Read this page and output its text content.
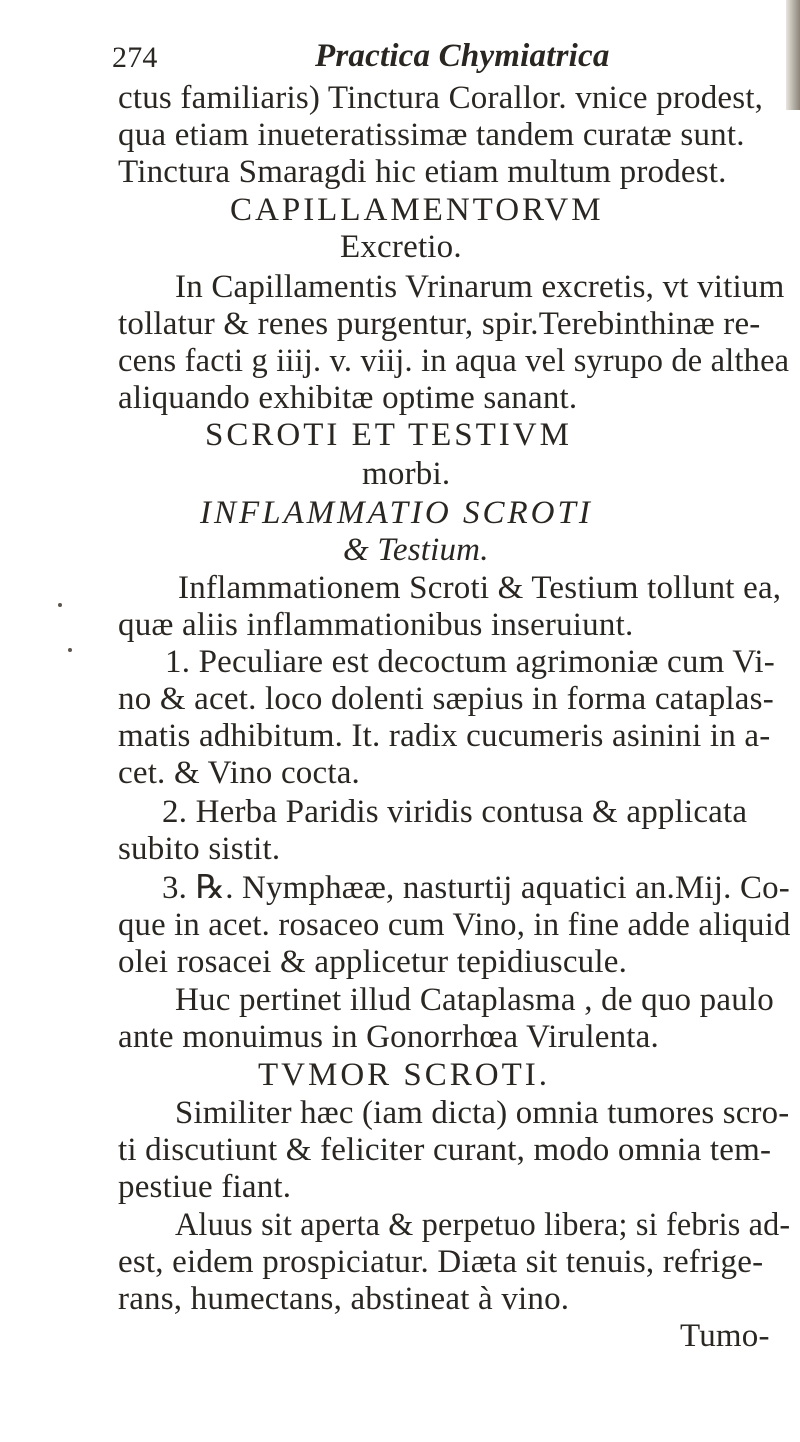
274	Practica Chymiatrica
ctus familiaris) Tinctura Corallor. vnice prodest,
qua etiam inueteratissimæ tandem curatæ sunt.
Tinctura Smaragdi hic etiam multum prodest.
CAPILLAMENTORVM
Excretio.
In Capillamentis Vrinarum excretis, vt vitium
tollatur & renes purgentur, spir.Terebinthinæ re-
cens facti g iiij. v. viij. in aqua vel syrupo de althea
aliquando exhibitæ optime sanant.
SCROTI ET TESTIVM
morbi.
INFLAMMATIO SCROTI
& Testium.
Inflammationem Scroti & Testium tollunt ea,
quæ aliis inflammationibus inseruiunt.
1. Peculiare est decoctum agrimoniæ cum Vi-
no & acet. loco dolenti sæpius in forma cataplas-
matis adhibitum. It. radix cucumeris asinini in a-
cet. & Vino cocta.
2. Herba Paridis viridis contusa & applicata
subito sistit.
3. ℞. Nymphææ, nasturtij aquatici an.Mij. Co-
que in acet. rosaceo cum Vino, in fine adde aliquid
olei rosacei & applicetur tepidiuscule.
Huc pertinet illud Cataplasma , de quo paulo
ante monuimus in Gonorrhœa Virulenta.
TVMOR SCROTI.
Similiter hæc (iam dicta) omnia tumores scro-
ti discutiunt & feliciter curant, modo omnia tem-
pestiue fiant.
Aluus sit aperta & perpetuo libera; si febris ad-
est, eidem prospiciatur. Diæta sit tenuis, refrige-
rans, humectans, abstineat à vino.
Tumo-
